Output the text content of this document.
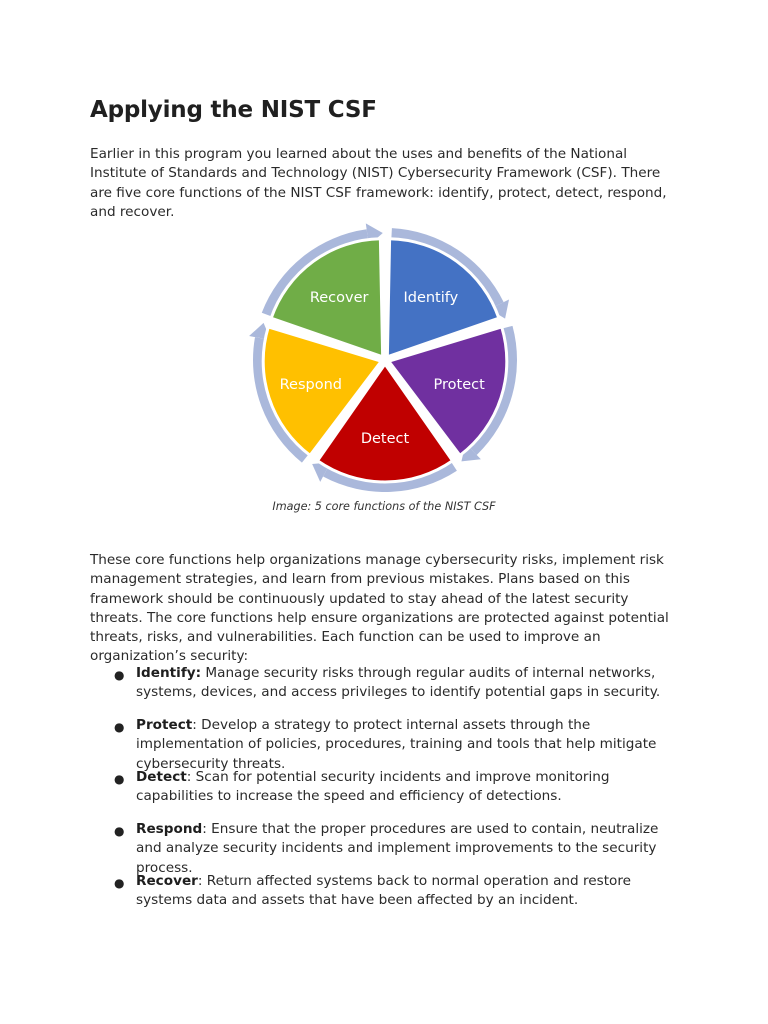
Applying the NIST CSF

Earlier in this program you learned about the uses and benefits of the National Institute of Standards and Technology (NIST) Cybersecurity Framework (CSF). There are five core functions of the NIST CSF framework: identify, protect, detect, respond, and recover.

Identify
Protect
Detect
Respond
Recover
Image: 5 core functions of the NIST CSF

These core functions help organizations manage cybersecurity risks, implement risk management strategies, and learn from previous mistakes. Plans based on this framework should be continuously updated to stay ahead of the latest security threats. The core functions help ensure organizations are protected against potential threats, risks, and vulnerabilities. Each function can be used to improve an organization’s security:

● Identify: Manage security risks through regular audits of internal networks, systems, devices, and access privileges to identify potential gaps in security.
● Protect: Develop a strategy to protect internal assets through the implementation of policies, procedures, training and tools that help mitigate cybersecurity threats.
● Detect: Scan for potential security incidents and improve monitoring capabilities to increase the speed and efficiency of detections.
● Respond: Ensure that the proper procedures are used to contain, neutralize and analyze security incidents and implement improvements to the security process.
● Recover: Return affected systems back to normal operation and restore systems data and assets that have been affected by an incident.
